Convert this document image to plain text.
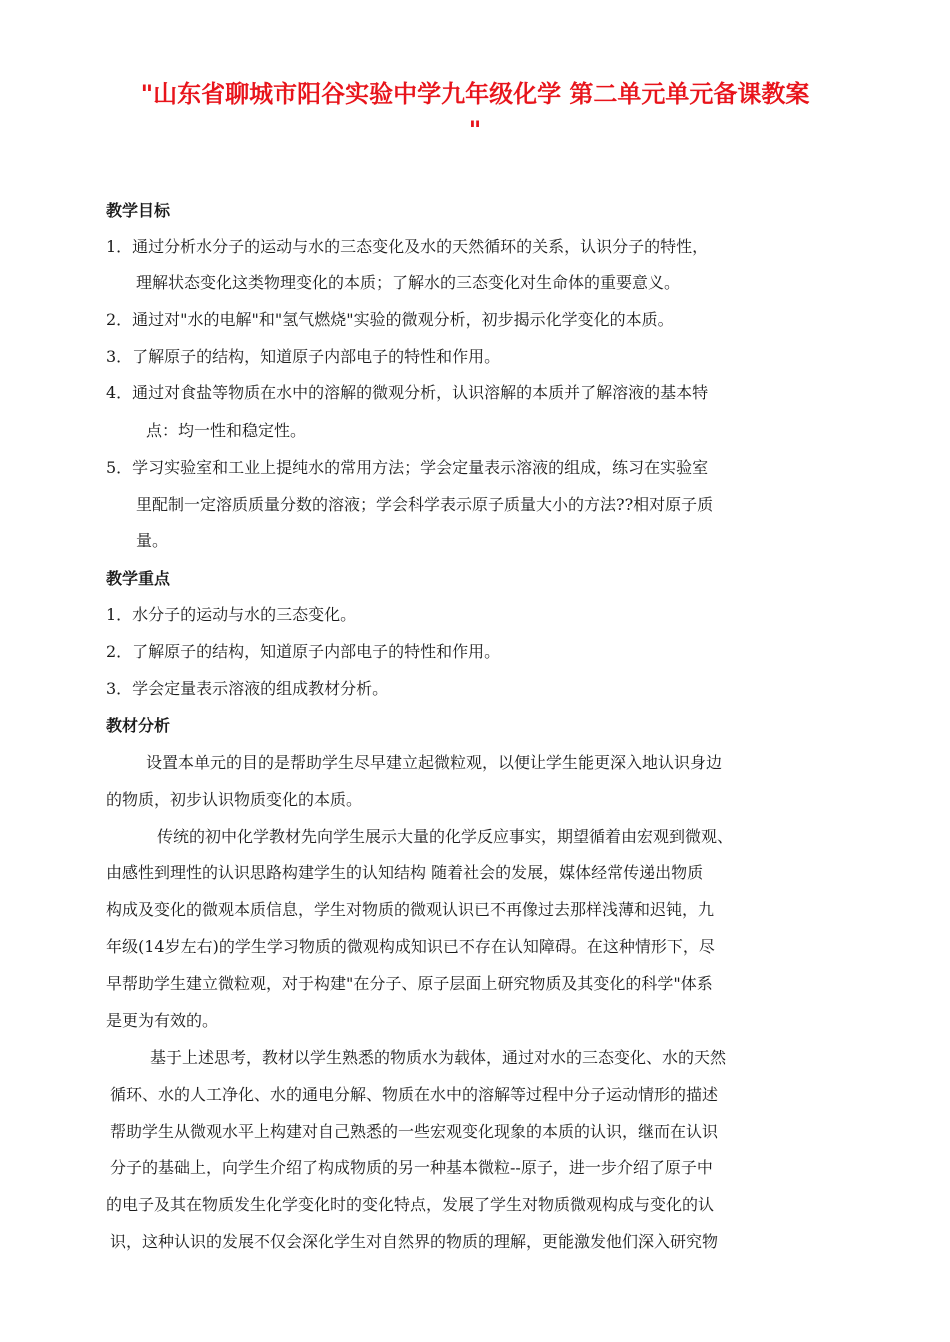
"山东省聊城市阳谷实验中学九年级化学 第二单元单元备课教案
"
教学目标
1．通过分析水分子的运动与水的三态变化及水的天然循环的关系，认识分子的特性，
理解状态变化这类物理变化的本质；了解水的三态变化对生命体的重要意义。
2．通过对"水的电解"和"氢气燃烧"实验的微观分析，初步揭示化学变化的本质。
3．了解原子的结构，知道原子内部电子的特性和作用。
4．通过对食盐等物质在水中的溶解的微观分析，认识溶解的本质并了解溶液的基本特
点：均一性和稳定性。
5．学习实验室和工业上提纯水的常用方法；学会定量表示溶液的组成，练习在实验室
里配制一定溶质质量分数的溶液；学会科学表示原子质量大小的方法??相对原子质
量。
教学重点
1．水分子的运动与水的三态变化。
2．了解原子的结构，知道原子内部电子的特性和作用。
3．学会定量表示溶液的组成教材分析。
教材分析
设置本单元的目的是帮助学生尽早建立起微粒观，以便让学生能更深入地认识身边
的物质，初步认识物质变化的本质。
传统的初中化学教材先向学生展示大量的化学反应事实，期望循着由宏观到微观、
由感性到理性的认识思路构建学生的认知结构 随着社会的发展，媒体经常传递出物质
构成及变化的微观本质信息，学生对物质的微观认识已不再像过去那样浅薄和迟钝，九
年级(14岁左右)的学生学习物质的微观构成知识已不存在认知障碍。在这种情形下，尽
早帮助学生建立微粒观，对于构建"在分子、原子层面上研究物质及其变化的科学"体系
是更为有效的。
基于上述思考，教材以学生熟悉的物质水为载体，通过对水的三态变化、水的天然
循环、水的人工净化、水的通电分解、物质在水中的溶解等过程中分子运动情形的描述
帮助学生从微观水平上构建对自己熟悉的一些宏观变化现象的本质的认识，继而在认识
分子的基础上，向学生介绍了构成物质的另一种基本微粒--原子，进一步介绍了原子中
的电子及其在物质发生化学变化时的变化特点，发展了学生对物质微观构成与变化的认
识，这种认识的发展不仅会深化学生对自然界的物质的理解，更能激发他们深入研究物
